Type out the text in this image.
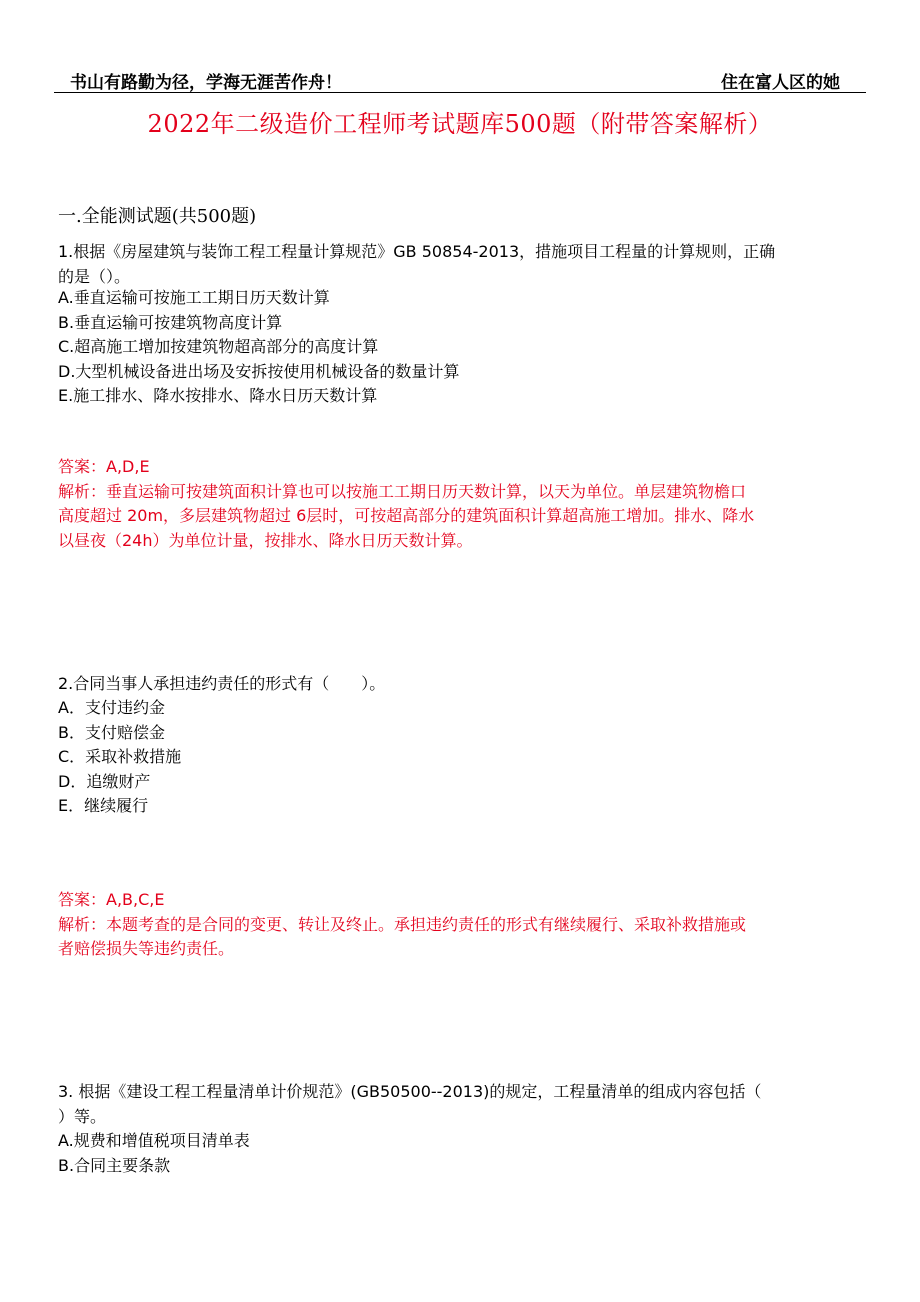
书山有路勤为径，学海无涯苦作舟！	住在富人区的她
2022年二级造价工程师考试题库500题（附带答案解析）
一.全能测试题(共500题)
1.根据《房屋建筑与装饰工程工程量计算规范》GB 50854-2013，措施项目工程量的计算规则，正确
的是（）。
A.垂直运输可按施工工期日历天数计算
B.垂直运输可按建筑物高度计算
C.超高施工增加按建筑物超高部分的高度计算
D.大型机械设备进出场及安拆按使用机械设备的数量计算
E.施工排水、降水按排水、降水日历天数计算
答案：A,D,E
解析：垂直运输可按建筑面积计算也可以按施工工期日历天数计算，以天为单位。单层建筑物檐口
高度超过 20m，多层建筑物超过 6层时，可按超高部分的建筑面积计算超高施工增加。排水、降水
以昼夜（24h）为单位计量，按排水、降水日历天数计算。
2.合同当事人承担违约责任的形式有（　　）。
A．支付违约金
B．支付赔偿金
C．采取补救措施
D．追缴财产
E．继续履行
答案：A,B,C,E
解析：本题考查的是合同的变更、转让及终止。承担违约责任的形式有继续履行、采取补救措施或
者赔偿损失等违约责任。
3. 根据《建设工程工程量清单计价规范》(GB50500--2013)的规定，工程量清单的组成内容包括（
）等。
A.规费和增值税项目清单表
B.合同主要条款
